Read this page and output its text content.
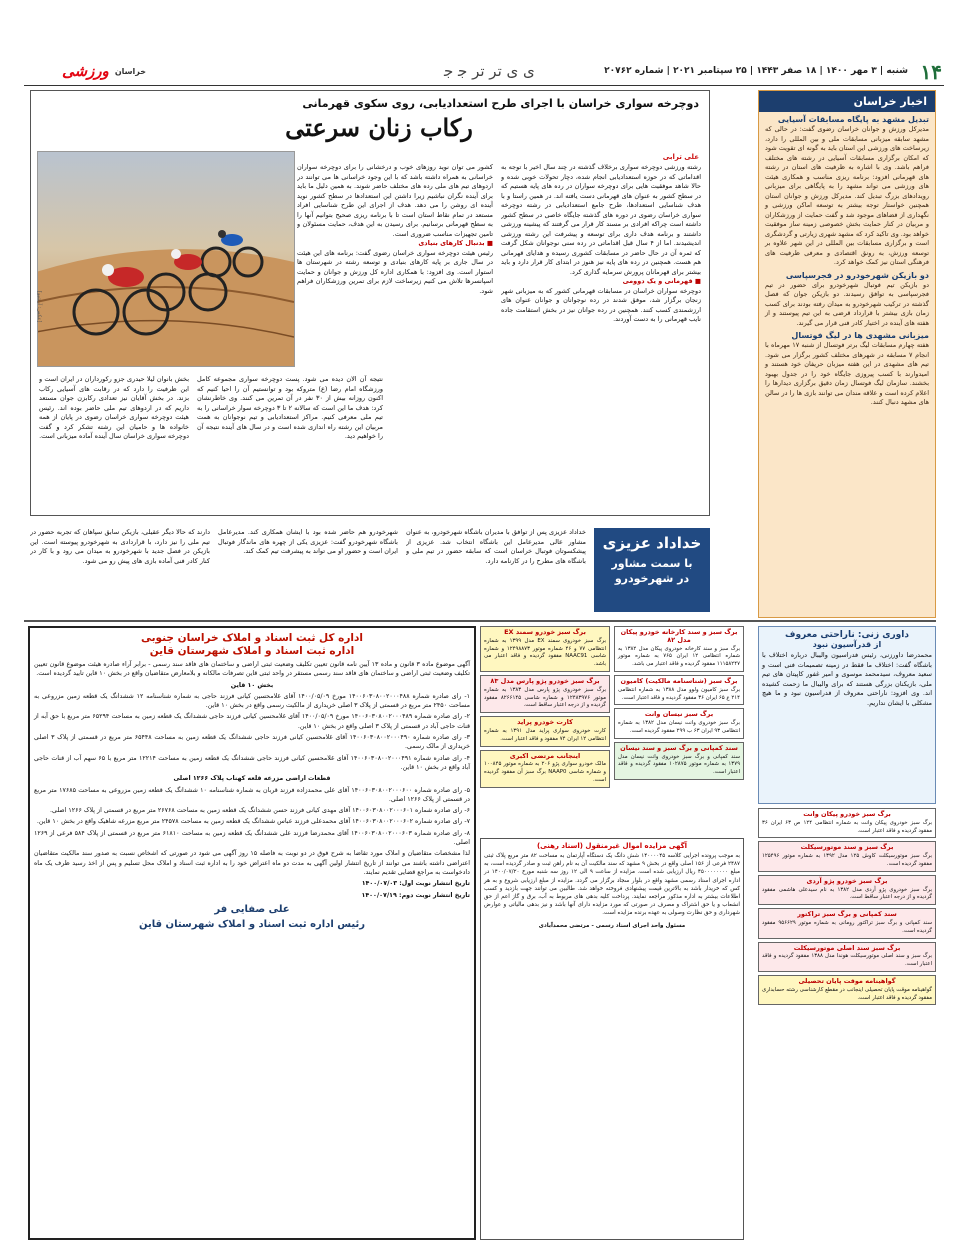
۱۴
شنبه | ۳ مهر ۱۴۰۰ | ۱۸ صفر ۱۴۴۳ | ۲۵ سپتامبر ۲۰۲۱ | شماره ۲۰۷۶۲
ﻯ ﻯ ﺗﺮ ﺗﺮ ﺟ ﺟ
خراسان
ورزشی
اخبار خراسان
تبدیل مشهد به پایگاه مسابقات آسیایی

مدیرکل ورزش و جوانان خراسان رضوی گفت: در حالی که مشهد سابقه میزبانی مسابقات ملی و بین المللی را دارد، زیرساخت های ورزشی این استان باید به گونه ای تقویت شود که امکان برگزاری مسابقات آسیایی در رشته های مختلف فراهم باشد. وی با اشاره به ظرفیت های استان در رشته های قهرمانی افزود: برنامه ریزی مناسب و همکاری هیئت های ورزشی می تواند مشهد را به پایگاهی برای میزبانی رویدادهای بزرگ تبدیل کند. مدیرکل ورزش و جوانان استان همچنین خواستار توجه بیشتر به توسعه اماکن ورزشی و نگهداری از فضاهای موجود شد و گفت حمایت از ورزشکاران و مربیان در کنار حمایت بخش خصوصی زمینه ساز موفقیت خواهد بود. وی تاکید کرد که مشهد شهری زیارتی و گردشگری است و برگزاری مسابقات بین المللی در این شهر علاوه بر توسعه ورزش، به رونق اقتصادی و معرفی ظرفیت های فرهنگی استان نیز کمک خواهد کرد.

دو بازیکن شهرخودرو در فجرسپاسی

دو بازیکن تیم فوتبال شهرخودرو برای حضور در تیم فجرسپاسی به توافق رسیدند. دو بازیکن جوان که فصل گذشته در ترکیب شهرخودرو به میدان رفته بودند برای کسب زمان بازی بیشتر با قرارداد قرضی به این تیم پیوستند و از هفته های آینده در اختیار کادر فنی قرار می گیرند.

میزبانی مشهدی ها در لیگ فوتسال

هفته چهارم مسابقات لیگ برتر فوتسال از شنبه ۱۷ مهرماه با انجام ۷ مسابقه در شهرهای مختلف کشور برگزار می شود. تیم های مشهدی در این هفته میزبان حریفان خود هستند و امیدوارند با کسب پیروزی جایگاه خود را در جدول بهبود بخشند. سازمان لیگ فوتسال زمان دقیق برگزاری دیدارها را اعلام کرده است و علاقه مندان می توانند بازی ها را در سالن های مشهد دنبال کنند.

دوچرخه سواری خراسان با اجرای طرح استعدادیابی، روی سکوی قهرمانی
رکاب زنان سرعتی
علی ترابی

رشته ورزشی دوچرخه سواری برخلاف گذشته در چند سال اخیر با توجه به اقداماتی که در حوزه استعدادیابی انجام شده، دچار تحولات خوبی شده و حالا شاهد موفقیت هایی برای دوچرخه سواران در رده های پایه هستیم که در سطح کشور به عنوان های قهرمانی دست یافته اند. در همین راستا و با هدف شناسایی استعدادها، طرح جامع استعدادیابی در رشته دوچرخه سواری خراسان رضوی در دوره های گذشته جایگاه خاصی در سطح کشور داشته است چراکه افرادی بر مسند کار قرار می گرفتند که پیشینه ورزشی داشتند و برنامه هدف داری برای توسعه و پیشرفت این رشته ورزشی اندیشیدند. اما از ۴ سال قبل اقداماتی در رده سنی نوجوانان شکل گرفت که ثمره آن در حال حاضر در مسابقات کشوری رسیده و هدایای قهرمانی هم هست. همچنین در رده های پایه نیز هنوز در ابتدای کار قرار دارد و باید بیشتر برای قهرمانان پرورش سرمایه گذاری کرد.

■ قهرمانی و یک دوومی

دوچرخه سواران خراسان در مسابقات قهرمانی کشور که به میزبانی شهر زنجان برگزار شد، موفق شدند در رده نوجوانان و جوانان عنوان های ارزشمندی کسب کنند. همچنین در رده جوانان نیز در بخش استقامت جاده نایب قهرمانی را به دست آوردند.

کشور می توان نوید روزهای خوب و درخشانی را برای دوچرخه سواران خراسانی به همراه داشته باشد که با این وجود خراسانی ها می توانند در اردوهای تیم های ملی رده های مختلف حاضر شوند. به همین دلیل ما باید برای آینده نگران نباشیم زیرا داشتن این استعدادها در سطح کشور نوید آینده ای روشن را می دهد. هدف از اجرای این طرح شناسایی افراد مستعد در تمام نقاط استان است تا با برنامه ریزی صحیح بتوانیم آنها را به سطح قهرمانی برسانیم. برای رسیدن به این هدف، حمایت مسئولان و تامین تجهیزات مناسب ضروری است.

■ بدنبال کارهای بنیادی

رئیس هیئت دوچرخه سواری خراسان رضوی گفت: برنامه های این هیئت در سال جاری بر پایه کارهای بنیادی و توسعه رشته در شهرستان ها استوار است. وی افزود: با همکاری اداره کل ورزش و جوانان و حمایت اسپانسرها تلاش می کنیم زیرساخت لازم برای تمرین ورزشکاران فراهم شود.

[عکس: آرشیو]

نتیجه آن الان دیده می شود. پست دوچرخه سواری مجموعه کامل ورزشگاه امام رضا (ع) متروکه بود و توانستیم آن را احیا کنیم که اکنون روزانه بیش از ۳۰ نفر در آن تمرین می کنند. وی خاطرنشان کرد: هدف ما این است که سالانه ۲ تا ۳ دوچرخه سوار خراسانی را به تیم ملی معرفی کنیم. مراکز استعدادیابی و تیم نوجوانان به همت مربیان این رشته راه اندازی شده است و در سال های آینده نتیجه آن را خواهیم دید.

بخش بانوان لیلا حیدری جزو رکورداران در ایران است و این ظرفیت را دارد که در رقابت های آسیایی رکاب بزند. در بخش آقایان نیز تعدادی رکابزن جوان مستعد داریم که در اردوهای تیم ملی حاضر بوده اند. رئیس هیئت دوچرخه سواری خراسان رضوی در پایان از همه خانواده ها و حامیان این رشته تشکر کرد و گفت دوچرخه سواری خراسان سال آینده آماده میزبانی است.

خداداد عزیزی
با سمت مشاور
در شهرخودرو

خداداد عزیزی پس از توافق با مدیران باشگاه شهرخودرو، به عنوان مشاور عالی مدیرعامل این باشگاه انتخاب شد. عزیزی از پیشکسوتان فوتبال خراسان است که سابقه حضور در تیم ملی و باشگاه های مطرح را در کارنامه دارد.

شهرخودرو هم حاضر شده بود با ایشان همکاری کند. مدیرعامل باشگاه شهرخودرو گفت: عزیزی یکی از چهره های ماندگار فوتبال ایران است و حضور او می تواند به پیشرفت تیم کمک کند.

دارند که حالا دیگر عقیلی، بازیکن سابق سپاهان که تجربه حضور در تیم ملی را نیز دارد، با قراردادی به شهرخودرو پیوسته است. این بازیکن در فصل جدید با شهرخودرو به میدان می رود و با کار در کنار کادر فنی آماده بازی های پیش رو می شود.

اداره کل ثبت اسناد و املاک خراسان جنوبی
اداره ثبت اسناد و املاک شهرستان قاین

آگهی موضوع ماده ۳ قانون و ماده ۱۳ آیین نامه قانون تعیین تکلیف وضعیت ثبتی اراضی و ساختمان های فاقد سند رسمی - برابر آراء صادره هیئت موضوع قانون تعیین تکلیف وضعیت ثبتی اراضی و ساختمان های فاقد سند رسمی مستقر در واحد ثبتی قاین تصرفات مالکانه و بلامعارض متقاضیان واقع در بخش ۱۰ قاین تایید گردیده است.

بخش ۱۰ قاین

۱- رای صادره شماره ۱۴۰۰۶۰۳۰۸۰۰۲۰۰۰۴۸۸ مورخ ۱۴۰۰/۰۵/۰۹ آقای غلامحسین کیانی فرزند حاجی به شماره شناسنامه ۱۲ ششدانگ یک قطعه زمین مزروعی به مساحت ۲۴۵۰ متر مربع در قسمتی از پلاک ۳ اصلی خریداری از مالکیت رسمی واقع در بخش ۱۰ قاین.

۲- رای صادره شماره ۱۴۰۰۶۰۳۰۸۰۰۲۰۰۰۴۸۹ مورخ ۱۴۰۰/۰۵/۰۹ آقای غلامحسین کیانی فرزند حاجی ششدانگ یک قطعه زمین به مساحت ۶۵۲۹۴ متر مربع با حق آبه از قنات حاجی آباد در قسمتی از پلاک ۳ اصلی واقع در بخش ۱۰ قاین.

۳- رای صادره شماره ۱۴۰۰۶۰۳۰۸۰۰۲۰۰۰۴۹۰ آقای غلامحسین کیانی فرزند حاجی ششدانگ یک قطعه زمین به مساحت ۶۵۴۴۸ متر مربع در قسمتی از پلاک ۳ اصلی خریداری از مالک رسمی.

۴- رای صادره شماره ۱۴۰۰۶۰۳۰۸۰۰۲۰۰۰۴۹۱ آقای غلامحسین کیانی فرزند حاجی ششدانگ یک قطعه زمین به مساحت ۱۲۲۱۴ متر مربع با ۶۵ سهم آب از قنات حاجی آباد واقع در بخش ۱۰ قاین.

قطعات اراضی مزرعه قلعه کهناب پلاک ۱۲۶۶ اصلی

۵- رای صادره شماره ۱۴۰۰۶۰۳۰۸۰۰۲۰۰۰۶۰۰ آقای علی محمدزاده فرزند قربان به شماره شناسنامه ۱۰ ششدانگ یک قطعه زمین مزروعی به مساحت ۱۷۶۸۵ متر مربع در قسمتی از پلاک ۱۲۶۶ اصلی.

۶- رای صادره شماره ۱۴۰۰۶۰۳۰۸۰۰۲۰۰۰۶۰۱ آقای مهدی کیانی فرزند حسن ششدانگ یک قطعه زمین به مساحت ۲۶۷۶۸ متر مربع در قسمتی از پلاک ۱۲۶۶ اصلی.

۷- رای صادره شماره ۱۴۰۰۶۰۳۰۸۰۰۲۰۰۰۶۰۲ آقای محمدعلی فرزند عباس ششدانگ یک قطعه زمین به مساحت ۲۴۵۷۸ متر مربع مزرعه شاهیک واقع در بخش ۱۰ قاین.

۸- رای صادره شماره ۱۴۰۰۶۰۳۰۸۰۰۲۰۰۰۶۰۳ آقای محمدرضا فرزند علی ششدانگ یک قطعه زمین به مساحت ۶۱۸۱۰ متر مربع در قسمتی از پلاک ۵۸۴ فرعی از ۱۲۶۹ اصلی.

لذا مشخصات متقاضیان و املاک مورد تقاضا به شرح فوق در دو نوبت به فاصله ۱۵ روز آگهی می شود در صورتی که اشخاص نسبت به صدور سند مالکیت متقاضیان اعتراضی داشته باشند می توانند از تاریخ انتشار اولین آگهی به مدت دو ماه اعتراض خود را به اداره ثبت اسناد و املاک محل تسلیم و پس از اخذ رسید ظرف یک ماه دادخواست به مراجع قضایی تقدیم نمایند.

تاریخ انتشار نوبت اول: ۱۴۰۰/۰۷/۰۳

تاریخ انتشار نوبت دوم: ۱۴۰۰/۰۷/۱۹

علی صفایی فر
رئیس اداره ثبت اسناد و املاک شهرستان قاین
برگ سبز خودرو سمند EX
برگ سبز خودروی سمند EX مدل ۱۳۹۹ به شماره انتظامی ۷۷ و ۴۶ شماره موتور ۱۲۴۹۸۸۷۳ و شماره شاسی NAAC91 مفقود گردیده و فاقد اعتبار می باشد.
برگ سبز خودرو پژو پارس مدل ۸۳
برگ سبز خودروی پژو پارس مدل ۱۳۸۳ به شماره موتور ۱۲۴۸۳۹۷۶ و شماره شاسی ۸۲۶۶۱۴۵ مفقود گردیده و از درجه اعتبار ساقط است.
کارت خودرو پراید
کارت خودروی سواری پراید مدل ۱۳۹۱ به شماره انتظامی ۱۲ ایران ۷۴ مفقود و فاقد اعتبار است.
اینجانب مرتضی اکبری
مالک خودرو سواری پژو ۲۰۶ به شماره موتور ۱۰۰۸۴۵ و شماره شاسی NAAP0 برگ سبز آن مفقود گردیده است.
برگ سبز و سند کارخانه خودرو پیکان مدل ۸۲
برگ سبز و سند کارخانه خودروی پیکان مدل ۱۳۸۲ به شماره انتظامی ۱۲ ایران ۷۶۵ به شماره موتور ۱۱۱۵۸۲۴۷ مفقود گردیده و فاقد اعتبار می باشد.
برگ سبز (شناسنامه مالکیت) کامیون
برگ سبز کامیون ولوو مدل ۱۳۸۸ به شماره انتظامی ۲۱۴ ع ۶۵ ایران ۳۶ مفقود گردیده و فاقد اعتبار است.
برگ سبز نیسان وانت
برگ سبز خودروی وانت نیسان مدل ۱۳۸۲ به شماره انتظامی ۹۳ ایران ۶۳ ب ۲۹۹ مفقود گردیده است.
سند کمپانی و برگ سبز و سند نیسان
سند کمپانی و برگ سبز خودروی وانت نیسان مدل ۱۳۷۹ به شماره موتور ۱۰۲۸۷۵ مفقود گردیده و فاقد اعتبار است.
آگهی مزایده اموال غیرمنقول (اسناد رهنی)

به موجب پرونده اجرایی کلاسه ۱۴۰۰۰۰۴۵ شش دانگ یک دستگاه آپارتمان به مساحت ۸۲ متر مربع پلاک ثبتی ۲۴۸۷ فرعی از ۱۵۶ اصلی واقع در بخش ۹ مشهد که سند مالکیت آن به نام راهن ثبت و صادر گردیده است، به مبلغ ۴۵۰۰۰۰۰۰۰۰ ریال ارزیابی شده است. مزایده از ساعت ۹ الی ۱۲ روز سه شنبه مورخ ۱۴۰۰/۰۷/۲۰ در اداره اجرای اسناد رسمی مشهد واقع در بلوار سجاد برگزار می گردد. مزایده از مبلغ ارزیابی شروع و به هر کس که خریدار باشد به بالاترین قیمت پیشنهادی فروخته خواهد شد. طالبین می توانند جهت بازدید و کسب اطلاعات بیشتر به اداره مذکور مراجعه نمایند. پرداخت کلیه بدهی های مربوط به آب، برق و گاز اعم از حق انشعاب و یا حق اشتراک و مصرف در صورتی که مورد مزایده دارای آنها باشد و نیز بدهی مالیاتی و عوارض شهرداری و حق نظارت وصولی به عهده برنده مزایده است.

مسئول واحد اجرای اسناد رسمی - مرتضی محمدآبادی

داوری زنی: ناراحتی معروف
از قدرآسیون نبود

محمدرضا داورزنی، رئیس فدراسیون والیبال درباره اختلاف با باشگاه گفت: اختلاف ما فقط در زمینه تصمیمات فنی است و سعید معروف، سیدمحمد موسوی و امیر غفور کاپیتان های تیم ملی، بازیکنان بزرگی هستند که برای والیبال ما زحمت کشیده اند. وی افزود: ناراحتی معروف از فدراسیون نبود و ما هیچ مشکلی با ایشان نداریم.

برگ سبز خودرو پیکان وانت
برگ سبز خودروی پیکان وانت به شماره انتظامی ۱۲۴ ص ۶۳ ایران ۳۶ مفقود گردیده و فاقد اعتبار است.
برگ سبز و سند موتورسیکلت
برگ سبز موتورسیکلت کاوش ۱۲۵ مدل ۱۳۹۲ به شماره موتور ۱۲۵۴۹۶ مفقود گردیده است.
برگ سبز خودرو پژو آردی
برگ سبز خودروی پژو آردی مدل ۱۳۸۲ به نام سیدعلی هاشمی مفقود گردیده و از درجه اعتبار ساقط است.
سند کمپانی و برگ سبز تراکتور
سند کمپانی و برگ سبز تراکتور رومانی به شماره موتور ۹۵۶۶۲۹ مفقود گردیده است.
برگ سبز سند اصلی موتورسیکلت
برگ سبز و سند اصلی موتورسیکلت هوندا مدل ۱۳۸۸ مفقود گردیده و فاقد اعتبار است.
گواهینامه موقت پایان تحصیلی
گواهینامه موقت پایان تحصیلی اینجانب در مقطع کارشناسی رشته حسابداری مفقود گردیده و فاقد اعتبار است.
